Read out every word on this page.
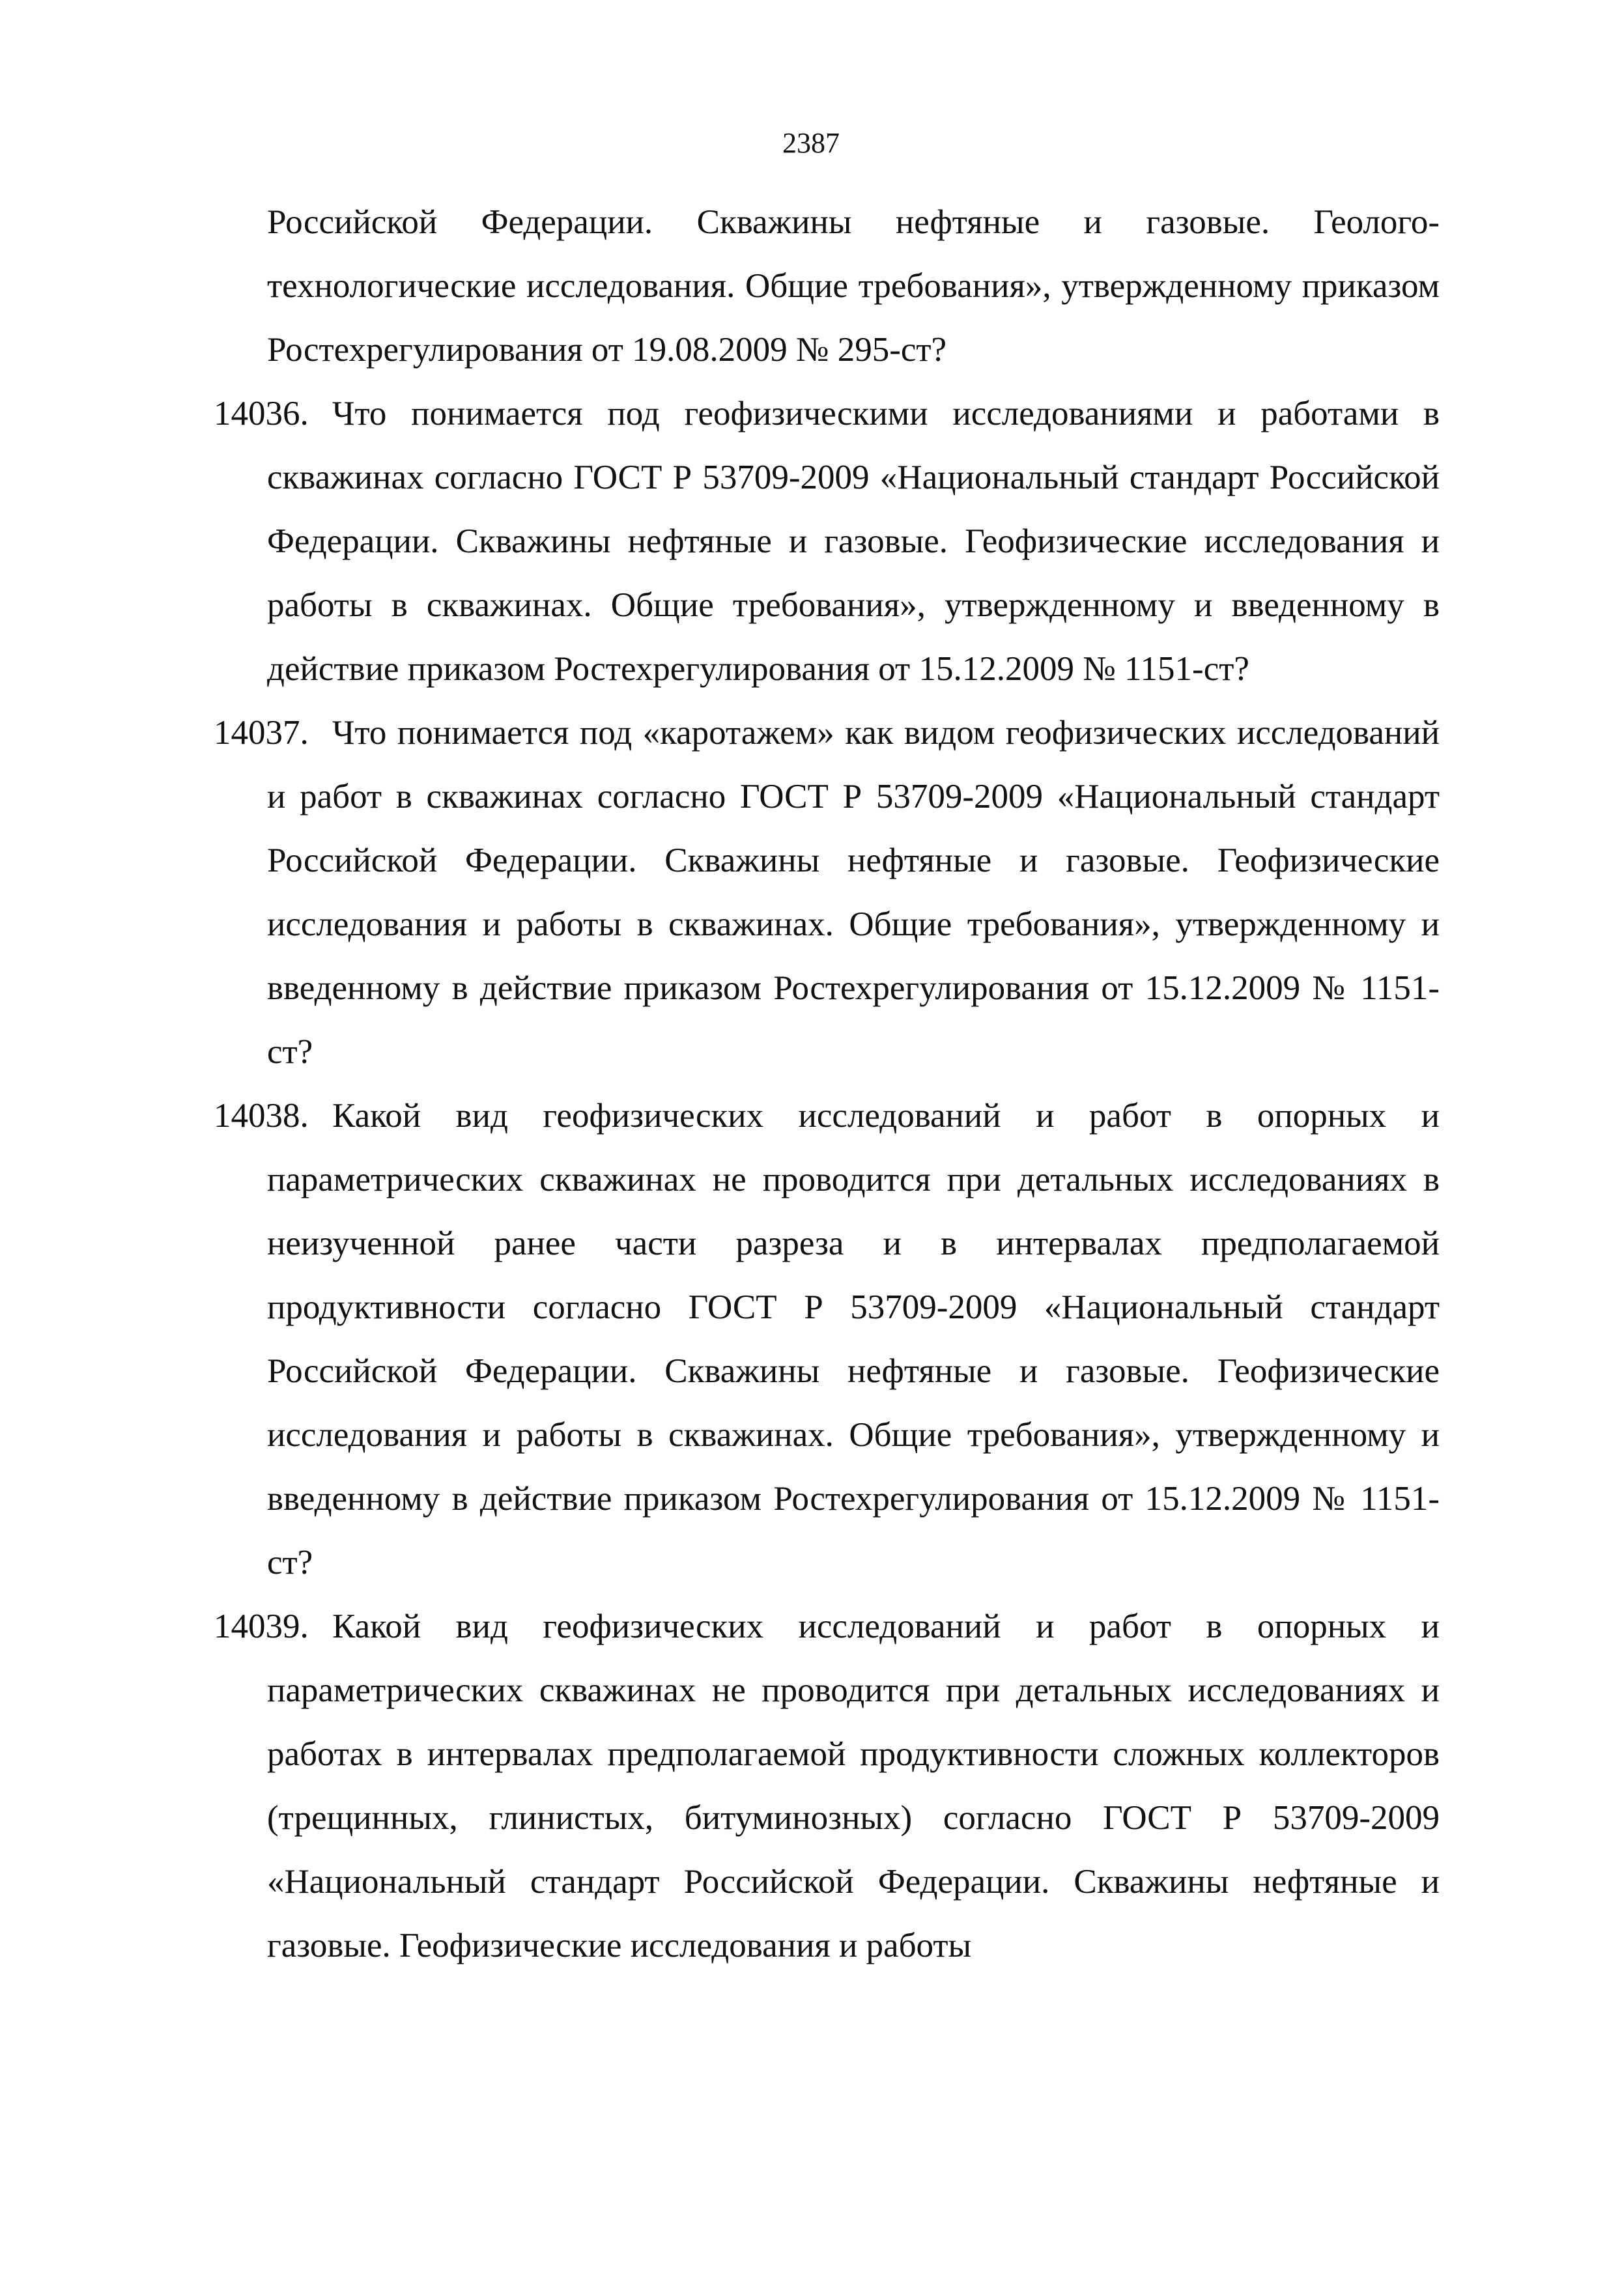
2387

Российской Федерации. Скважины нефтяные и газовые. Геолого-технологические исследования. Общие требования», утвержденному приказом Ростехрегулирования от 19.08.2009 № 295-ст?

14036. Что понимается под геофизическими исследованиями и работами в скважинах согласно ГОСТ Р 53709-2009 «Национальный стандарт Российской Федерации. Скважины нефтяные и газовые. Геофизические исследования и работы в скважинах. Общие требования», утвержденному и введенному в действие приказом Ростехрегулирования от 15.12.2009 № 1151-ст?
14037. Что понимается под «каротажем» как видом геофизических исследований и работ в скважинах согласно ГОСТ Р 53709-2009 «Национальный стандарт Российской Федерации. Скважины нефтяные и газовые. Геофизические исследования и работы в скважинах. Общие требования», утвержденному и введенному в действие приказом Ростехрегулирования от 15.12.2009 № 1151-ст?
14038. Какой вид геофизических исследований и работ в опорных и параметрических скважинах не проводится при детальных исследованиях в неизученной ранее части разреза и в интервалах предполагаемой продуктивности согласно ГОСТ Р 53709-2009 «Национальный стандарт Российской Федерации. Скважины нефтяные и газовые. Геофизические исследования и работы в скважинах. Общие требования», утвержденному и введенному в действие приказом Ростехрегулирования от 15.12.2009 № 1151-ст?
14039. Какой вид геофизических исследований и работ в опорных и параметрических скважинах не проводится при детальных исследованиях и работах в интервалах предполагаемой продуктивности сложных коллекторов (трещинных, глинистых, битуминозных) согласно ГОСТ Р 53709-2009 «Национальный стандарт Российской Федерации. Скважины нефтяные и газовые. Геофизические исследования и работы
